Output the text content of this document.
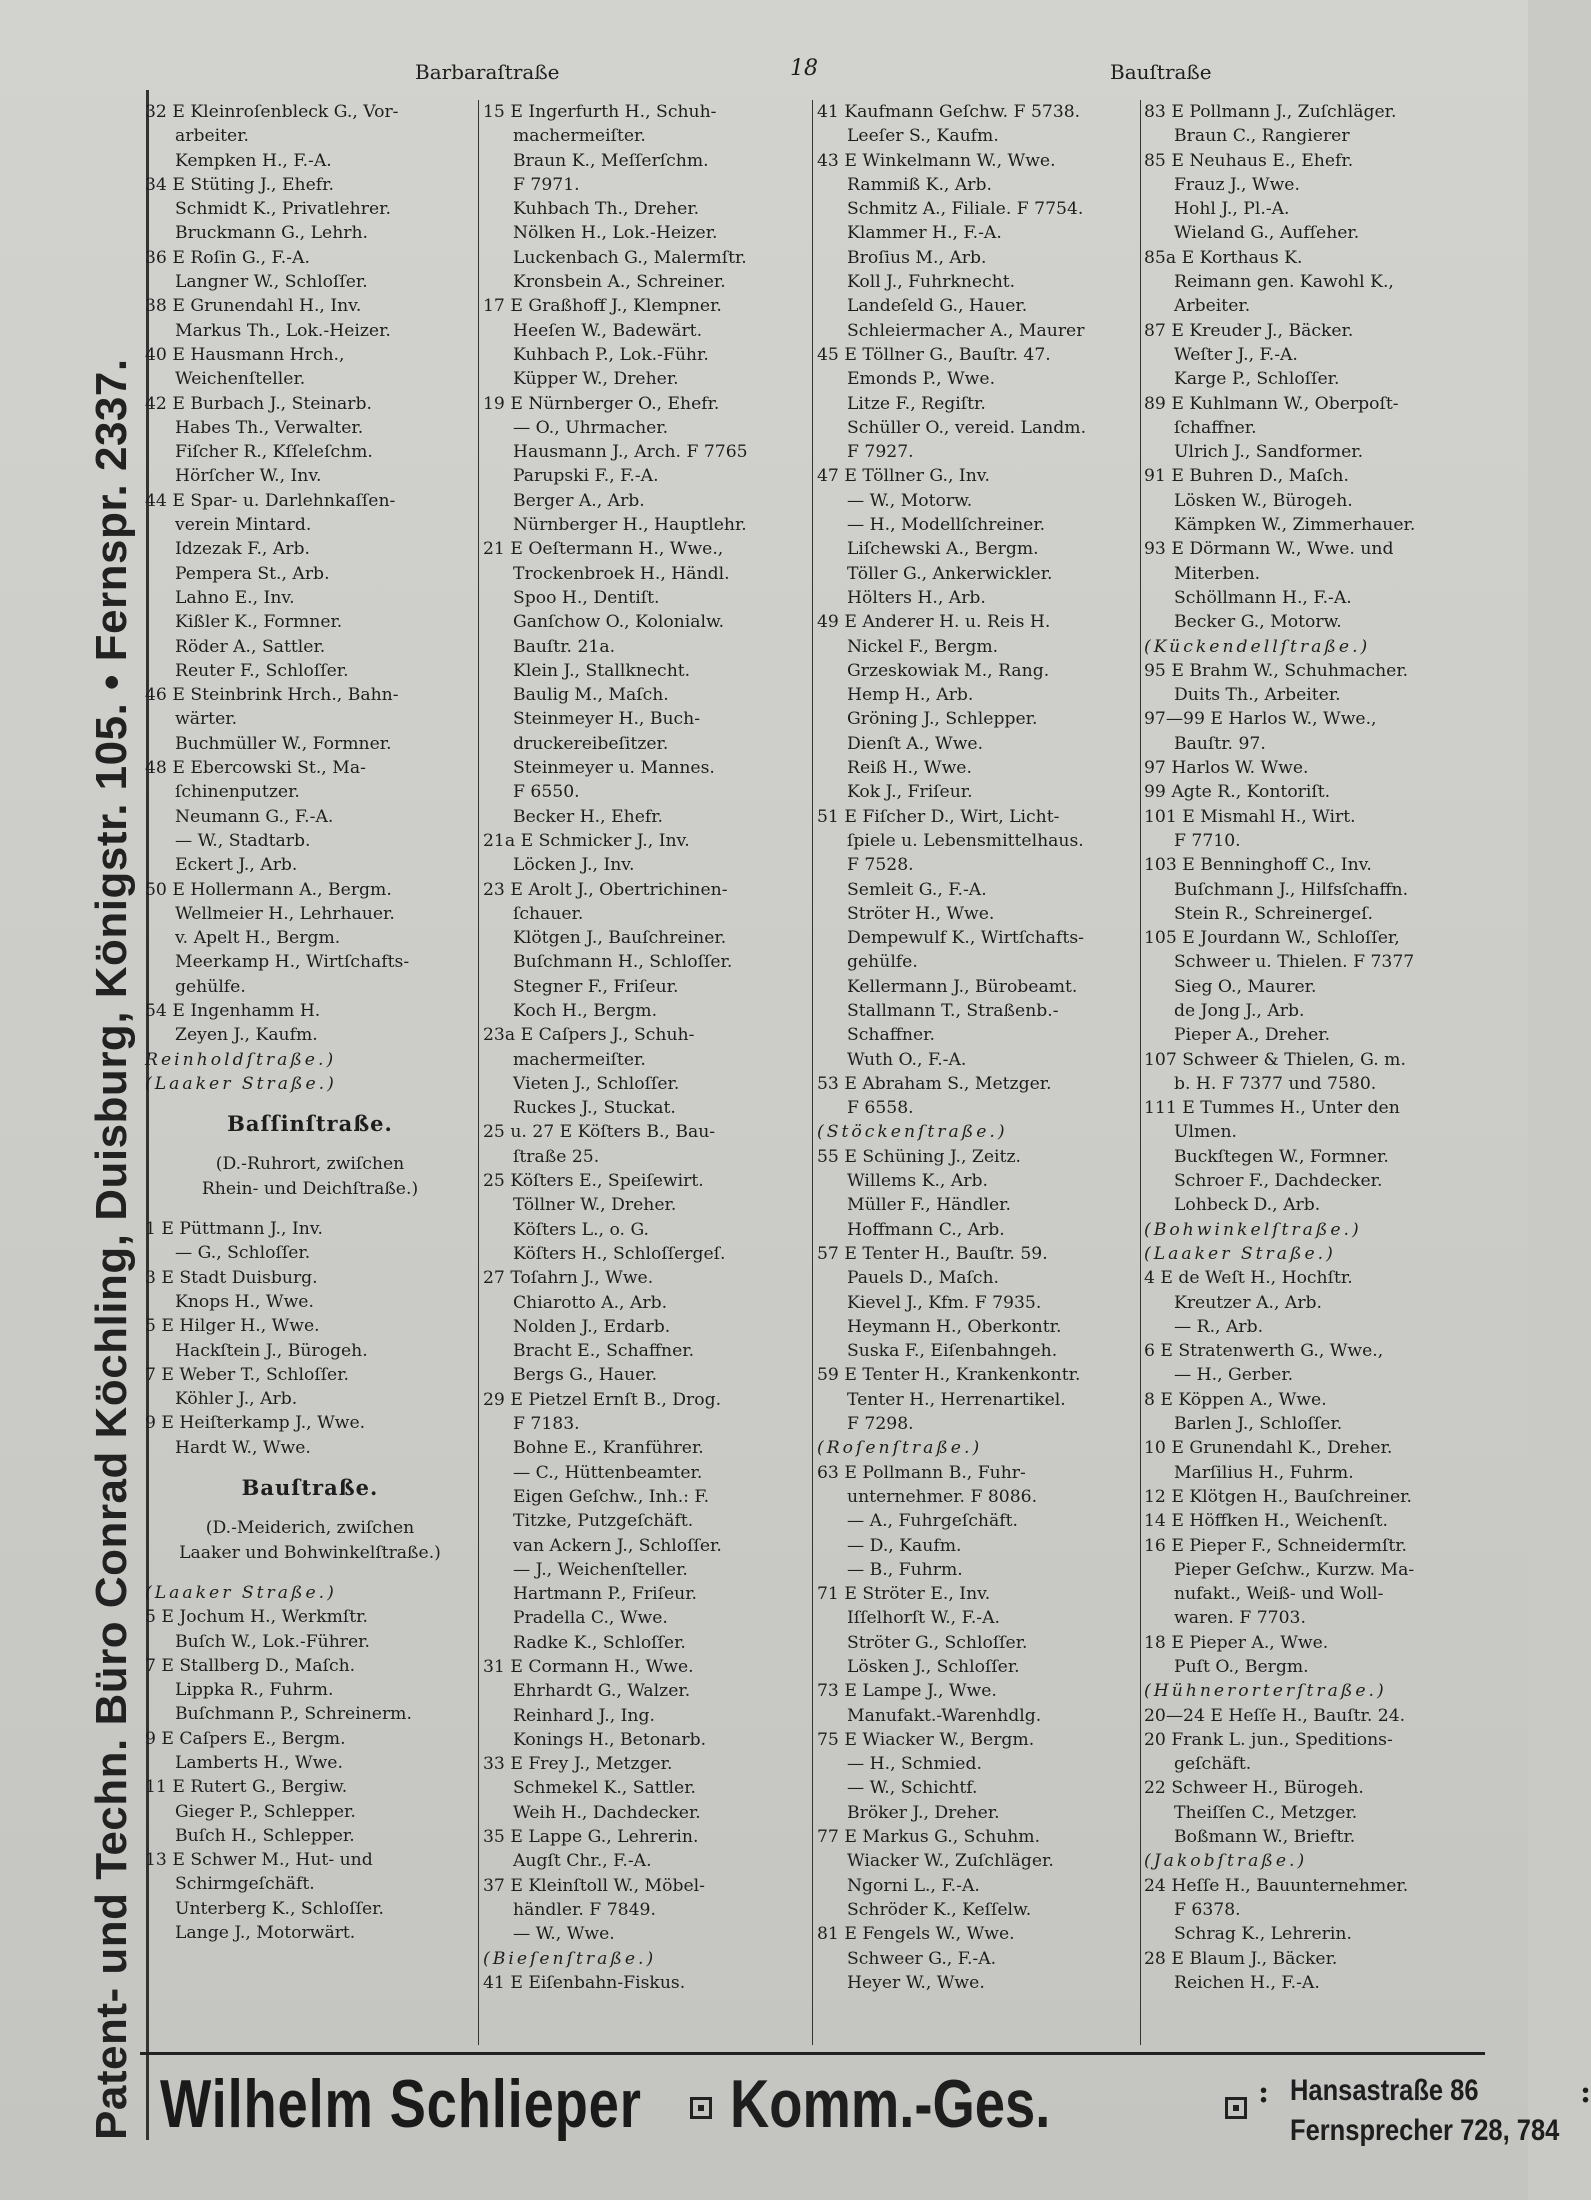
Barbaraſtraße	18	Bauſtraße
Patent- und Techn. Büro Conrad Köchling, Duisburg, Königstr. 105. • Fernspr. 2337.
32 E Kleinroſenbleck G., Vor-
arbeiter.
Kempken H., F.-A.
34 E Stüting J., Ehefr.
Schmidt K., Privatlehrer.
Bruckmann G., Lehrh.
36 E Roſin G., F.-A.
Langner W., Schloſſer.
38 E Grunendahl H., Inv.
Markus Th., Lok.-Heizer.
40 E Hausmann Hrch.,
Weichenſteller.
42 E Burbach J., Steinarb.
Habes Th., Verwalter.
Fiſcher R., Kſſeleſchm.
Hörſcher W., Inv.
44 E Spar- u. Darlehnkaſſen-
verein Mintard.
Idzezak F., Arb.
Pempera St., Arb.
Lahno E., Inv.
Kißler K., Formner.
Röder A., Sattler.
Reuter F., Schloſſer.
46 E Steinbrink Hrch., Bahn-
wärter.
Buchmüller W., Formner.
48 E Ebercowski St., Ma-
ſchinenputzer.
Neumann G., F.-A.
— W., Stadtarb.
Eckert J., Arb.
50 E Hollermann A., Bergm.
Wellmeier H., Lehrhauer.
v. Apelt H., Bergm.
Meerkamp H., Wirtſchafts-
gehülfe.
54 E Ingenhamm H.
Zeyen J., Kaufm.
Reinholdſtraße.)
(Laaker Straße.)
Baſſinſtraße.
(D.-Ruhrort, zwiſchen
Rhein- und Deichſtraße.)
1 E Püttmann J., Inv.
— G., Schloſſer.
3 E Stadt Duisburg.
Knops H., Wwe.
5 E Hilger H., Wwe.
Hackſtein J., Bürogeh.
7 E Weber T., Schloſſer.
Köhler J., Arb.
9 E Heiſterkamp J., Wwe.
Hardt W., Wwe.
Bauſtraße.
(D.-Meiderich, zwiſchen
Laaker und Bohwinkelſtraße.)
(Laaker Straße.)
5 E Jochum H., Werkmſtr.
Buſch W., Lok.-Führer.
7 E Stallberg D., Maſch.
Lippka R., Fuhrm.
Buſchmann P., Schreinerm.
9 E Caſpers E., Bergm.
Lamberts H., Wwe.
11 E Rutert G., Bergiw.
Gieger P., Schlepper.
Buſch H., Schlepper.
13 E Schwer M., Hut- und
Schirmgeſchäft.
Unterberg K., Schloſſer.
Lange J., Motorwärt.
15 E Ingerfurth H., Schuh-
machermeiſter.
Braun K., Meſſerſchm.
F 7971.
Kuhbach Th., Dreher.
Nölken H., Lok.-Heizer.
Luckenbach G., Malermſtr.
Kronsbein A., Schreiner.
17 E Graßhoff J., Klempner.
Heeſen W., Badewärt.
Kuhbach P., Lok.-Führ.
Küpper W., Dreher.
19 E Nürnberger O., Ehefr.
— O., Uhrmacher.
Hausmann J., Arch. F 7765
Parupski F., F.-A.
Berger A., Arb.
Nürnberger H., Hauptlehr.
21 E Oeſtermann H., Wwe.,
Trockenbroek H., Händl.
Spoo H., Dentiſt.
Ganſchow O., Kolonialw.
Bauſtr. 21a.
Klein J., Stallknecht.
Baulig M., Maſch.
Steinmeyer H., Buch-
druckereibeſitzer.
Steinmeyer u. Mannes.
F 6550.
Becker H., Ehefr.
21a E Schmicker J., Inv.
Löcken J., Inv.
23 E Arolt J., Obertrichinen-
ſchauer.
Klötgen J., Bauſchreiner.
Buſchmann H., Schloſſer.
Stegner F., Friſeur.
Koch H., Bergm.
23a E Caſpers J., Schuh-
machermeiſter.
Vieten J., Schloſſer.
Ruckes J., Stuckat.
25 u. 27 E Köſters B., Bau-
ſtraße 25.
25 Köſters E., Speiſewirt.
Töllner W., Dreher.
Köſters L., o. G.
Köſters H., Schloſſergeſ.
27 Toſahrn J., Wwe.
Chiarotto A., Arb.
Nolden J., Erdarb.
Bracht E., Schaffner.
Bergs G., Hauer.
29 E Pietzel Ernſt B., Drog.
F 7183.
Bohne E., Kranführer.
— C., Hüttenbeamter.
Eigen Geſchw., Inh.: F.
Titzke, Putzgeſchäft.
van Ackern J., Schloſſer.
— J., Weichenſteller.
Hartmann P., Friſeur.
Pradella C., Wwe.
Radke K., Schloſſer.
31 E Cormann H., Wwe.
Ehrhardt G., Walzer.
Reinhard J., Ing.
Konings H., Betonarb.
33 E Frey J., Metzger.
Schmekel K., Sattler.
Weih H., Dachdecker.
35 E Lappe G., Lehrerin.
Augſt Chr., F.-A.
37 E Kleinſtoll W., Möbel-
händler. F 7849.
— W., Wwe.
(Bieſenſtraße.)
41 E Eiſenbahn-Fiskus.
41 Kaufmann Geſchw. F 5738.
Leeſer S., Kaufm.
43 E Winkelmann W., Wwe.
Rammiß K., Arb.
Schmitz A., Filiale. F 7754.
Klammer H., F.-A.
Broſius M., Arb.
Koll J., Fuhrknecht.
Landeſeld G., Hauer.
Schleiermacher A., Maurer
45 E Töllner G., Bauſtr. 47.
Emonds P., Wwe.
Litze F., Regiſtr.
Schüller O., vereid. Landm.
F 7927.
47 E Töllner G., Inv.
— W., Motorw.
— H., Modellſchreiner.
Liſchewski A., Bergm.
Töller G., Ankerwickler.
Hölters H., Arb.
49 E Anderer H. u. Reis H.
Nickel F., Bergm.
Grzeskowiak M., Rang.
Hemp H., Arb.
Gröning J., Schlepper.
Dienſt A., Wwe.
Reiß H., Wwe.
Kok J., Friſeur.
51 E Fiſcher D., Wirt, Licht-
ſpiele u. Lebensmittelhaus.
F 7528.
Semleit G., F.-A.
Ströter H., Wwe.
Dempewulf K., Wirtſchafts-
gehülfe.
Kellermann J., Bürobeamt.
Stallmann T., Straßenb.-
Schaffner.
Wuth O., F.-A.
53 E Abraham S., Metzger.
F 6558.
(Stöckenſtraße.)
55 E Schüning J., Zeitz.
Willems K., Arb.
Müller F., Händler.
Hoffmann C., Arb.
57 E Tenter H., Bauſtr. 59.
Pauels D., Maſch.
Kievel J., Kfm. F 7935.
Heymann H., Oberkontr.
Suska F., Eiſenbahngeh.
59 E Tenter H., Krankenkontr.
Tenter H., Herrenartikel.
F 7298.
(Roſenſtraße.)
63 E Pollmann B., Fuhr-
unternehmer. F 8086.
— A., Fuhrgeſchäft.
— D., Kaufm.
— B., Fuhrm.
71 E Ströter E., Inv.
Iſſelhorſt W., F.-A.
Ströter G., Schloſſer.
Lösken J., Schloſſer.
73 E Lampe J., Wwe.
Manufakt.-Warenhdlg.
75 E Wiacker W., Bergm.
— H., Schmied.
— W., Schichtf.
Bröker J., Dreher.
77 E Markus G., Schuhm.
Wiacker W., Zuſchläger.
Ngorni L., F.-A.
Schröder K., Keſſelw.
81 E Fengels W., Wwe.
Schweer G., F.-A.
Heyer W., Wwe.
83 E Pollmann J., Zuſchläger.
Braun C., Rangierer
85 E Neuhaus E., Ehefr.
Frauz J., Wwe.
Hohl J., Pl.-A.
Wieland G., Aufſeher.
85a E Korthaus K.
Reimann gen. Kawohl K.,
Arbeiter.
87 E Kreuder J., Bäcker.
Weſter J., F.-A.
Karge P., Schloſſer.
89 E Kuhlmann W., Oberpoſt-
ſchaffner.
Ulrich J., Sandformer.
91 E Buhren D., Maſch.
Lösken W., Bürogeh.
Kämpken W., Zimmerhauer.
93 E Dörmann W., Wwe. und
Miterben.
Schöllmann H., F.-A.
Becker G., Motorw.
(Kückendellſtraße.)
95 E Brahm W., Schuhmacher.
Duits Th., Arbeiter.
97—99 E Harlos W., Wwe.,
Bauſtr. 97.
97 Harlos W. Wwe.
99 Agte R., Kontoriſt.
101 E Mismahl H., Wirt.
F 7710.
103 E Benninghoff C., Inv.
Buſchmann J., Hilfsſchaffn.
Stein R., Schreinergeſ.
105 E Jourdann W., Schloſſer,
Schweer u. Thielen. F 7377
Sieg O., Maurer.
de Jong J., Arb.
Pieper A., Dreher.
107 Schweer & Thielen, G. m.
b. H. F 7377 und 7580.
111 E Tummes H., Unter den
Ulmen.
Buckſtegen W., Formner.
Schroer F., Dachdecker.
Lohbeck D., Arb.
(Bohwinkelſtraße.)
(Laaker Straße.)
4 E de Weſt H., Hochſtr.
Kreutzer A., Arb.
— R., Arb.
6 E Stratenwerth G., Wwe.,
— H., Gerber.
8 E Köppen A., Wwe.
Barlen J., Schloſſer.
10 E Grunendahl K., Dreher.
Marſilius H., Fuhrm.
12 E Klötgen H., Bauſchreiner.
14 E Höffken H., Weichenſt.
16 E Pieper F., Schneidermſtr.
Pieper Geſchw., Kurzw. Ma-
nufakt., Weiß- und Woll-
waren. F 7703.
18 E Pieper A., Wwe.
Puſt O., Bergm.
(Hühnerorterſtraße.)
20—24 E Heſſe H., Bauſtr. 24.
20 Frank L. jun., Speditions-
geſchäft.
22 Schweer H., Bürogeh.
Theiſſen C., Metzger.
Boßmann W., Brieftr.
(Jakobſtraße.)
24 Heſſe H., Bauunternehmer.
F 6378.
Schrag K., Lehrerin.
28 E Blaum J., Bäcker.
Reichen H., F.-A.
Wilhelm Schlieper Komm.-Ges.	: Hansastraße 86
Fernsprecher 728, 784
:
